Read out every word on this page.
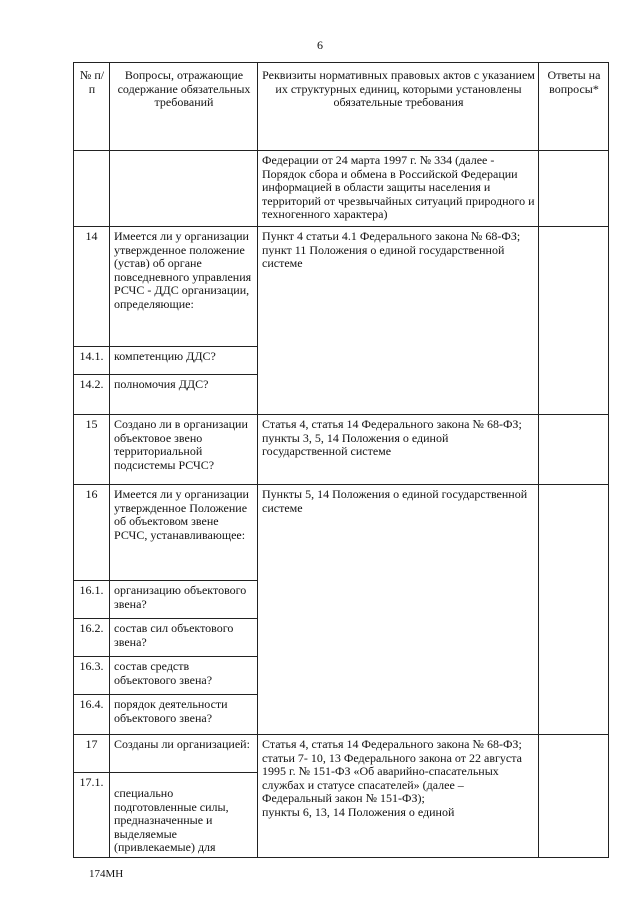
6
№ п/п	Вопросы, отражающие содержание обязательных требований	Реквизиты нормативных правовых актов с указанием их структурных единиц, которыми установлены обязательные требования	Ответы на вопросы*

		Федерации от 24 марта 1997 г. № 334 (далее - Порядок сбора и обмена в Российской Федерации информацией в области защиты населения и территорий от чрезвычайных ситуаций природного и техногенного характера)	

14	Имеется ли у организации утвержденное положение (устав) об органе повседневного управления РСЧС - ДДС организации, определяющие:	Пункт 4 статьи 4.1 Федерального закона № 68-ФЗ;

пункт 11 Положения о единой государственной системе	

14.1.	компетенцию ДДС?		
14.2.	полномочия ДДС?		
15	Создано ли в организации объектовое звено территориальной подсистемы РСЧС?	Статья 4, статья 14 Федерального закона № 68-ФЗ;

пункты 3, 5, 14 Положения о единой государственной системе	

16	Имеется ли у организации утвержденное Положение об объектовом звене РСЧС, устанавливающее:	Пункты 5, 14 Положения о единой государственной системе	

16.1.	организацию объектового звена?		
16.2.	состав сил объектового звена?		
16.3.	состав средств объектового звена?		
16.4.	порядок деятельности объектового звена?		
17	Созданы ли организацией:	Статья 4, статья 14 Федерального закона № 68-ФЗ;

статьи 7- 10, 13 Федерального закона от 22 августа 1995 г. № 151-ФЗ «Об аварийно-спасательных службах и статусе спасателей» (далее – Федеральный закон № 151-ФЗ);

пункты 6, 13, 14 Положения о единой	

17.1.	специально подготовленные силы, предназначенные и выделяемые (привлекаемые) для		
174МН
